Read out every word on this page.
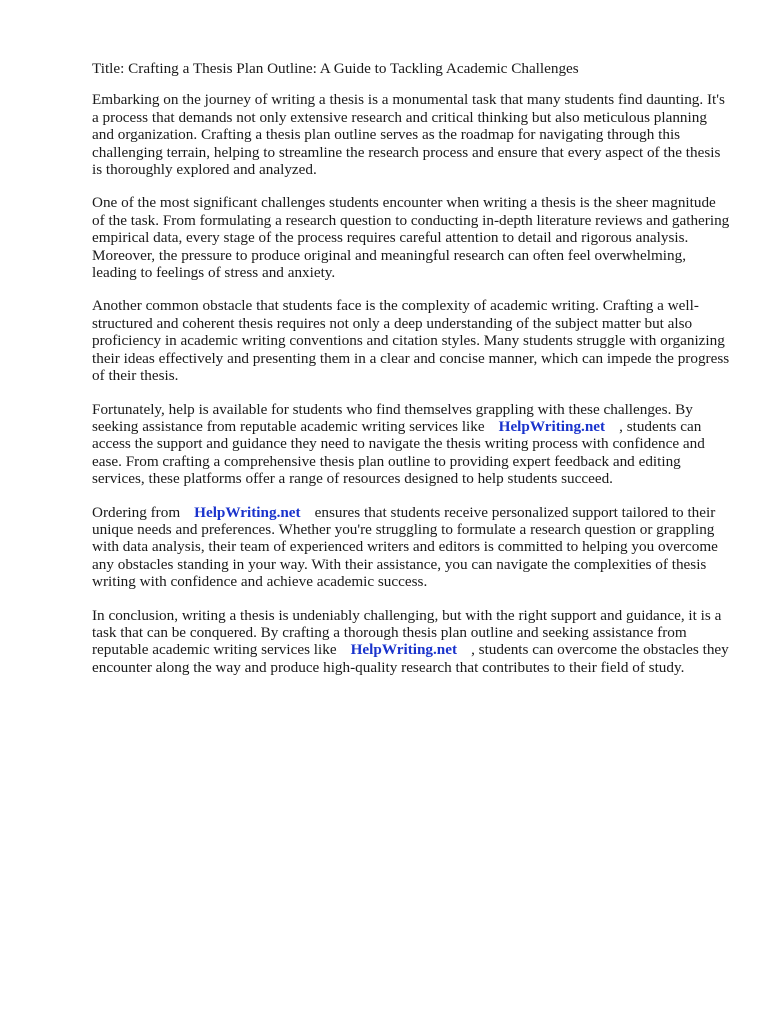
Title: Crafting a Thesis Plan Outline: A Guide to Tackling Academic Challenges

Embarking on the journey of writing a thesis is a monumental task that many students find daunting. It's a process that demands not only extensive research and critical thinking but also meticulous planning and organization. Crafting a thesis plan outline serves as the roadmap for navigating through this challenging terrain, helping to streamline the research process and ensure that every aspect of the thesis is thoroughly explored and analyzed.

One of the most significant challenges students encounter when writing a thesis is the sheer magnitude of the task. From formulating a research question to conducting in-depth literature reviews and gathering empirical data, every stage of the process requires careful attention to detail and rigorous analysis. Moreover, the pressure to produce original and meaningful research can often feel overwhelming, leading to feelings of stress and anxiety.

Another common obstacle that students face is the complexity of academic writing. Crafting a well-structured and coherent thesis requires not only a deep understanding of the subject matter but also proficiency in academic writing conventions and citation styles. Many students struggle with organizing their ideas effectively and presenting them in a clear and concise manner, which can impede the progress of their thesis.

Fortunately, help is available for students who find themselves grappling with these challenges. By seeking assistance from reputable academic writing services like HelpWriting.net , students can access the support and guidance they need to navigate the thesis writing process with confidence and ease. From crafting a comprehensive thesis plan outline to providing expert feedback and editing services, these platforms offer a range of resources designed to help students succeed.

Ordering from HelpWriting.net ensures that students receive personalized support tailored to their unique needs and preferences. Whether you're struggling to formulate a research question or grappling with data analysis, their team of experienced writers and editors is committed to helping you overcome any obstacles standing in your way. With their assistance, you can navigate the complexities of thesis writing with confidence and achieve academic success.

In conclusion, writing a thesis is undeniably challenging, but with the right support and guidance, it is a task that can be conquered. By crafting a thorough thesis plan outline and seeking assistance from reputable academic writing services like HelpWriting.net , students can overcome the obstacles they encounter along the way and produce high-quality research that contributes to their field of study.
